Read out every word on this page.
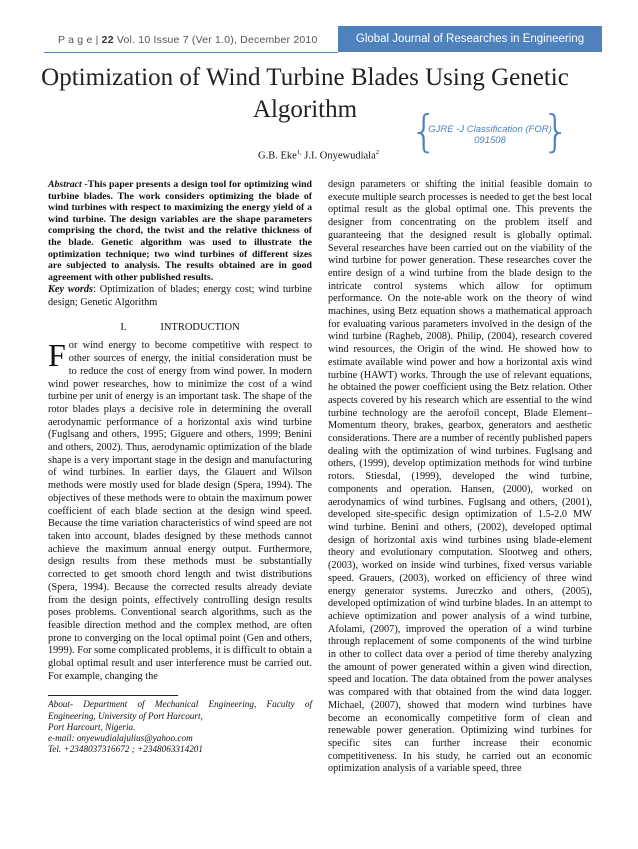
P a g e | 22 Vol. 10 Issue 7 (Ver 1.0), December 2010	Global Journal of Researches in Engineering
Optimization of Wind Turbine Blades Using Genetic Algorithm	{
GJRE -J Classification (FOR)
091508 }
G.B. Eke$^{1,}$ J.I. Onyewudiala$^2$

Abstract -This paper presents a design tool for optimizing wind turbine blades. The work considers optimizing the blade of wind turbines with respect to maximizing the energy yield of a wind turbine. The design variables are the shape parameters comprising the chord, the twist and the relative thickness of the blade. Genetic algorithm was used to illustrate the optimization technique; two wind turbines of different sizes are subjected to analysis. The results obtained are in good agreement with other published results.

Key words: Optimization of blades; energy cost; wind turbine design; Genetic Algorithm

I.	INTRODUCTION

For wind energy to become competitive with respect to other sources of energy, the initial consideration must be to reduce the cost of energy from wind power. In modern wind power researches, how to minimize the cost of a wind turbine per unit of energy is an important task. The shape of the rotor blades plays a decisive role in determining the overall aerodynamic performance of a horizontal axis wind turbine (Fuglsang and others, 1995; Giguere and others, 1999; Benini and others, 2002). Thus, aerodynamic optimization of the blade shape is a very important stage in the design and manufacturing of wind turbines. In earlier days, the Glauert and Wilson methods were mostly used for blade design (Spera, 1994). The objectives of these methods were to obtain the maximum power coefficient of each blade section at the design wind speed. Because the time variation characteristics of wind speed are not taken into account, blades designed by these methods cannot achieve the maximum annual energy output. Furthermore, design results from these methods must be substantially corrected to get smooth chord length and twist distributions (Spera, 1994). Because the corrected results already deviate from the design points, effectively controlling design results poses problems. Conventional search algorithms, such as the feasible direction method and the complex method, are often prone to converging on the local optimal point (Gen and others, 1999). For some complicated problems, it is difficult to obtain a global optimal result and user interference must be carried out. For example, changing the

About- Department of Mechanical Engineering, Faculty of Engineering, University of Port Harcourt,
Port Harcourt, Nigeria.
e-mail: onyewudialajulius@yahoo.com
Tel. +2348037316672 ; +2348063314201

design parameters or shifting the initial feasible domain to execute multiple search processes is needed to get the best local optimal result as the global optimal one. This prevents the designer from concentrating on the problem itself and guaranteeing that the designed result is globally optimal. Several researches have been carried out on the viability of the wind turbine for power generation. These researches cover the entire design of a wind turbine from the blade design to the intricate control systems which allow for optimum performance. On the note-able work on the theory of wind machines, using Betz equation shows a mathematical approach for evaluating various parameters involved in the design of the wind turbine (Ragheb, 2008). Philip, (2004), research covered wind resources, the Origin of the wind. He showed how to estimate available wind power and how a horizontal axis wind turbine (HAWT) works. Through the use of relevant equations, he obtained the power coefficient using the Betz relation. Other aspects covered by his research which are essential to the wind turbine technology are the aerofoil concept, Blade Element–Momentum theory, brakes, gearbox, generators and aesthetic considerations. There are a number of recently published papers dealing with the optimization of wind turbines. Fuglsang and others, (1999), develop optimization methods for wind turbine rotors. Stiesdal, (1999), developed the wind turbine, components and operation. Hansen, (2000), worked on aerodynamics of wind turbines. Fuglsang and others, (2001), developed site-specific design optimization of 1.5-2.0 MW wind turbine. Benini and others, (2002), developed optimal design of horizontal axis wind turbines using blade-element theory and evolutionary computation. Slootweg and others, (2003), worked on inside wind turbines, fixed versus variable speed. Grauers, (2003), worked on efficiency of three wind energy generator systems. Jureczko and others, (2005), developed optimization of wind turbine blades. In an attempt to achieve optimization and power analysis of a wind turbine, Afolami, (2007), improved the operation of a wind turbine through replacement of some components of the wind turbine in other to collect data over a period of time thereby analyzing the amount of power generated within a given wind direction, speed and location. The data obtained from the power analyses was compared with that obtained from the wind data logger. Michael, (2007), showed that modern wind turbines have become an economically competitive form of clean and renewable power generation. Optimizing wind turbines for specific sites can further increase their economic competitiveness. In his study, he carried out an economic optimization analysis of a variable speed, three
